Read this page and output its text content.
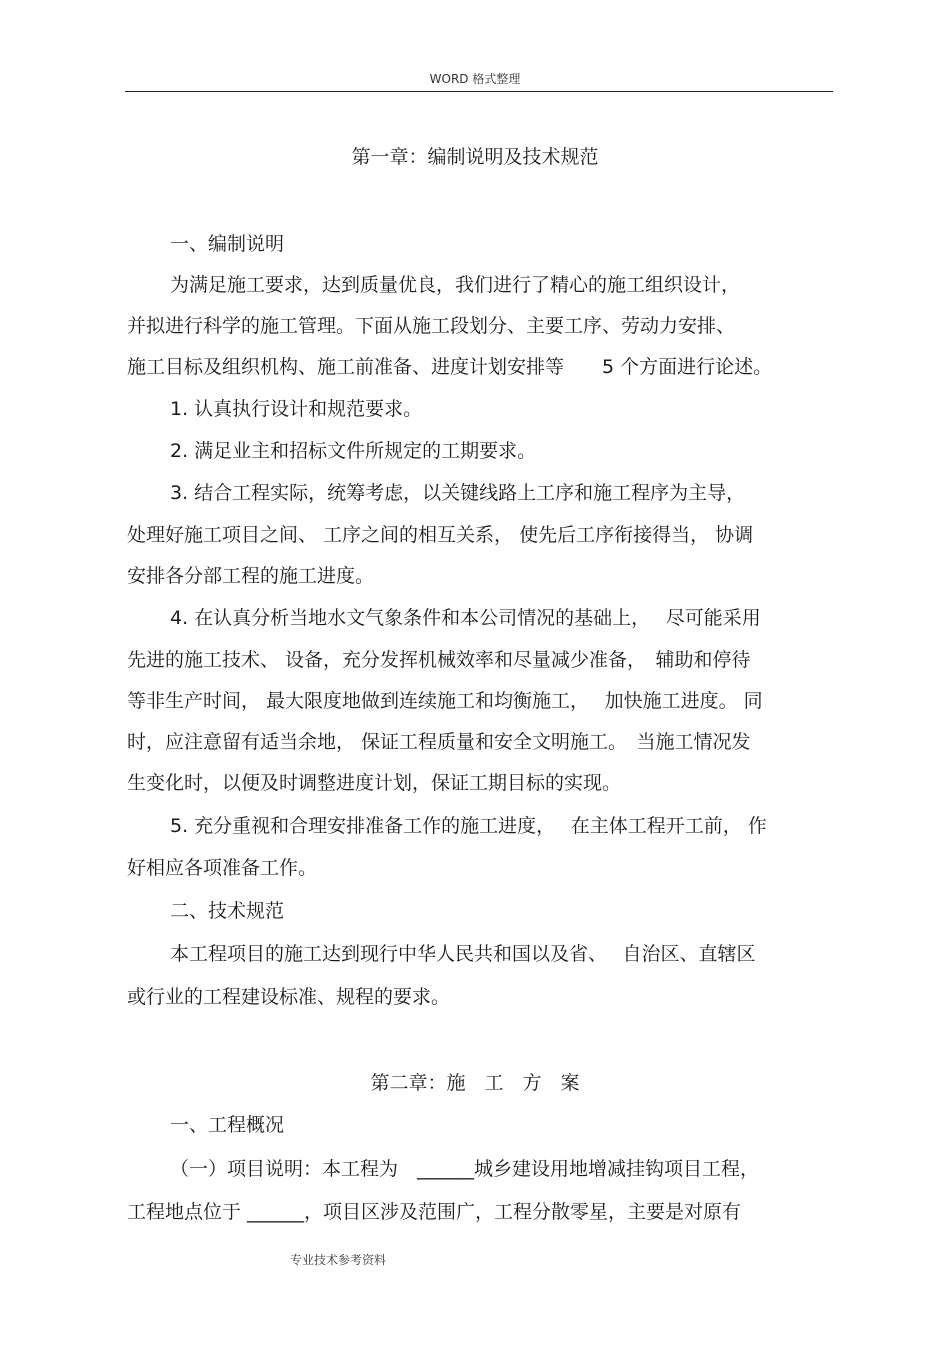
WORD 格式整理
第一章：编制说明及技术规范
一、编制说明
为满足施工要求，达到质量优良，我们进行了精心的施工组织设计，
并拟进行科学的施工管理。下面从施工段划分、主要工序、劳动力安排、
施工目标及组织机构、施工前准备、进度计划安排等　　5 个方面进行论述。
1. 认真执行设计和规范要求。
2. 满足业主和招标文件所规定的工期要求。
3. 结合工程实际，统筹考虑，以关键线路上工序和施工程序为主导，
处理好施工项目之间、 工序之间的相互关系， 使先后工序衔接得当， 协调
安排各分部工程的施工进度。
4. 在认真分析当地水文气象条件和本公司情况的基础上，　 尽可能采用
先进的施工技术、 设备，充分发挥机械效率和尽量减少准备，　辅助和停待
等非生产时间， 最大限度地做到连续施工和均衡施工，　 加快施工进度。 同
时，应注意留有适当余地， 保证工程质量和安全文明施工。　当施工情况发
生变化时，以便及时调整进度计划，保证工期目标的实现。
5. 充分重视和合理安排准备工作的施工进度，　 在主体工程开工前， 作
好相应各项准备工作。
二、技术规范
本工程项目的施工达到现行中华人民共和国以及省、　 自治区、直辖区
或行业的工程建设标准、规程的要求。
第二章：施　工　方　案
一、工程概况
（一）项目说明：本工程为　______城乡建设用地增减挂钩项目工程，
工程地点位于 ______，项目区涉及范围广，工程分散零星，主要是对原有
专业技术参考资料
